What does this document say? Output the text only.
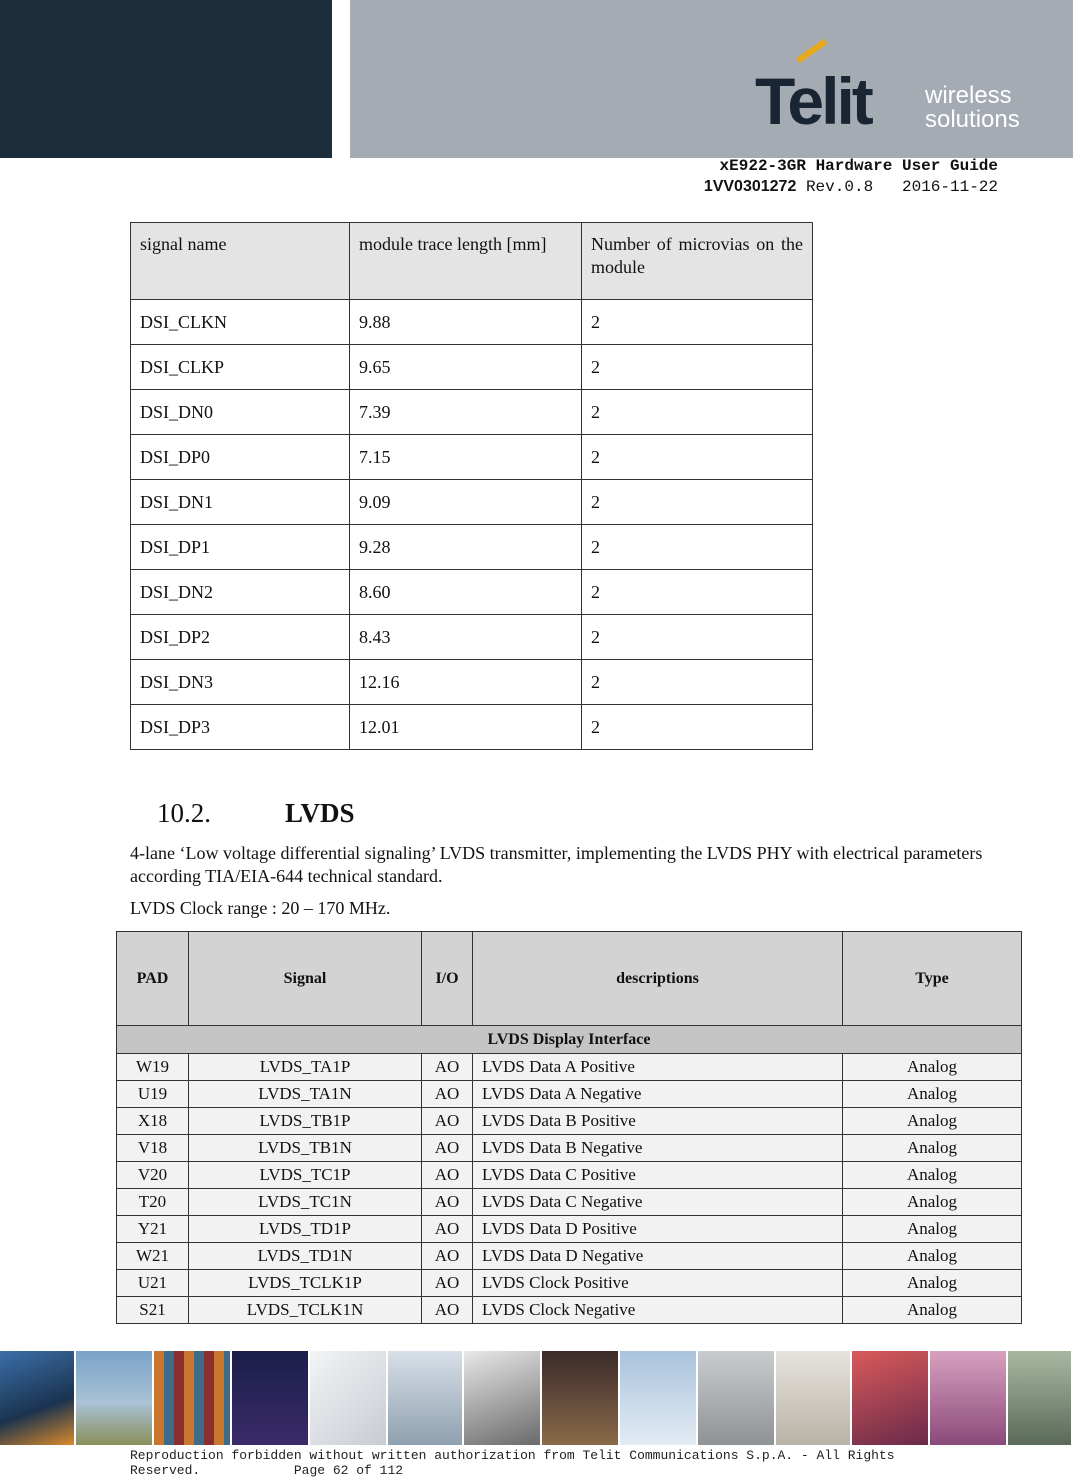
Telit wireless
solutions
xE922-3GR Hardware User Guide
1VV0301272 Rev.0.8 2016-11-22
signal name	module trace length [mm]	Number of microvias on the module
DSI_CLKN	9.88	2
DSI_CLKP	9.65	2
DSI_DN0	7.39	2
DSI_DP0	7.15	2
DSI_DN1	9.09	2
DSI_DP1	9.28	2
DSI_DN2	8.60	2
DSI_DP2	8.43	2
DSI_DN3	12.16	2
DSI_DP3	12.01	2
10.2.	LVDS
4-lane ‘Low voltage differential signaling’ LVDS transmitter, implementing the LVDS PHY with electrical parameters according TIA/EIA-644 technical standard.
LVDS Clock range : 20 – 170 MHz.
PAD	Signal	I/O	descriptions	Type
LVDS Display Interface				
W19	LVDS_TA1P	AO	LVDS Data A Positive	Analog
U19	LVDS_TA1N	AO	LVDS Data A Negative	Analog
X18	LVDS_TB1P	AO	LVDS Data B Positive	Analog
V18	LVDS_TB1N	AO	LVDS Data B Negative	Analog
V20	LVDS_TC1P	AO	LVDS Data C Positive	Analog
T20	LVDS_TC1N	AO	LVDS Data C Negative	Analog
Y21	LVDS_TD1P	AO	LVDS Data D Positive	Analog
W21	LVDS_TD1N	AO	LVDS Data D Negative	Analog
U21	LVDS_TCLK1P	AO	LVDS Clock Positive	Analog
S21	LVDS_TCLK1N	AO	LVDS Clock Negative	Analog
Reproduction forbidden without written authorization from Telit Communications S.p.A. - All Rights
Reserved.	Page 62 of 112
